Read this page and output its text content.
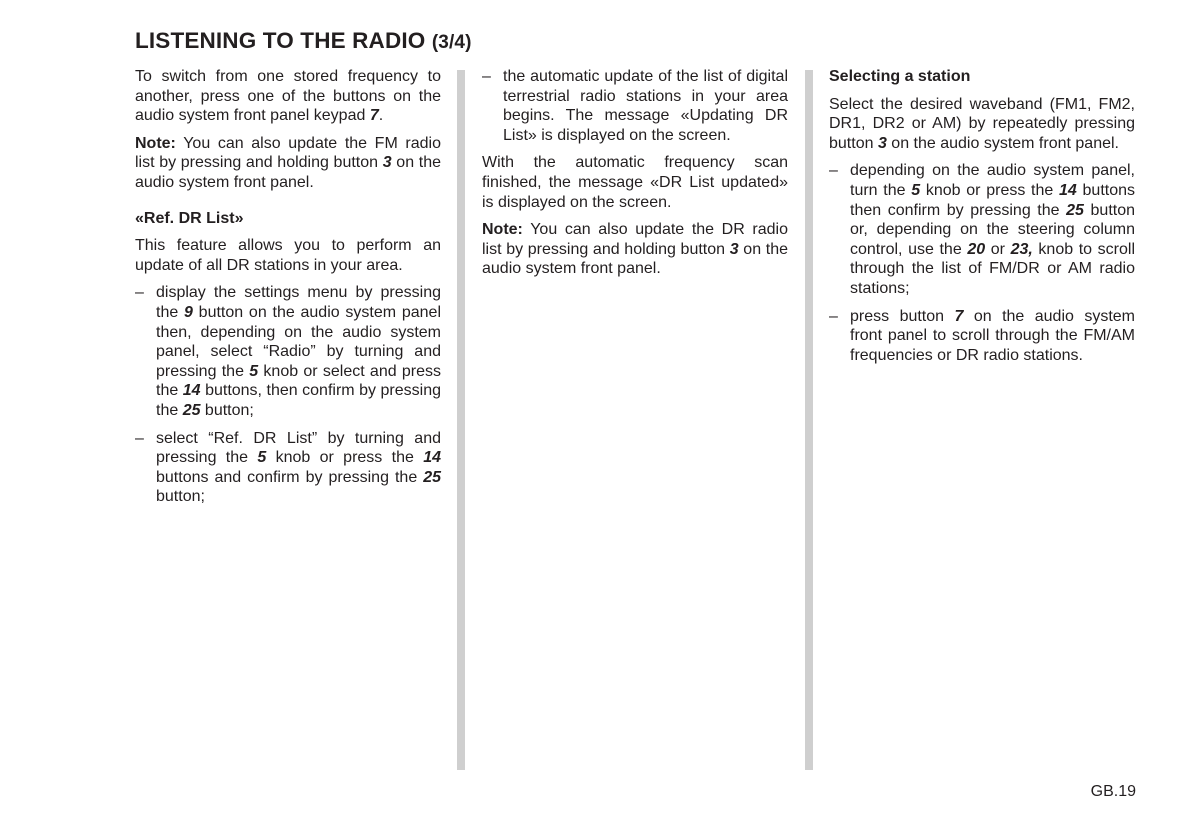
LISTENING TO THE RADIO (3/4)

To switch from one stored frequency to another, press one of the buttons on the audio system front panel keypad 7.

Note: You can also update the FM radio list by pressing and holding button 3 on the audio system front panel.

«Ref. DR List»

This feature allows you to perform an update of all DR stations in your area.

– display the settings menu by pressing the 9 button on the audio system panel then, depending on the audio system panel, select “Radio” by turning and pressing the 5 knob or select and press the 14 buttons, then confirm by pressing the 25 button;
– select “Ref. DR List” by turning and pressing the 5 knob or press the 14 buttons and confirm by pressing the 25 button;
– the automatic update of the list of digital terrestrial radio stations in your area begins. The message «Updating DR List» is displayed on the screen.

With the automatic frequency scan finished, the message «DR List updated» is displayed on the screen.

Note: You can also update the DR radio list by pressing and holding button 3 on the audio system front panel.

Selecting a station

Select the desired waveband (FM1, FM2, DR1, DR2 or AM) by repeatedly pressing button 3 on the audio system front panel.

– depending on the audio system panel, turn the 5 knob or press the 14 buttons then confirm by pressing the 25 button or, depending on the steering column control, use the 20 or 23, knob to scroll through the list of FM/DR or AM radio stations;
– press button 7 on the audio system front panel to scroll through the FM/AM frequencies or DR radio stations.
GB.19
